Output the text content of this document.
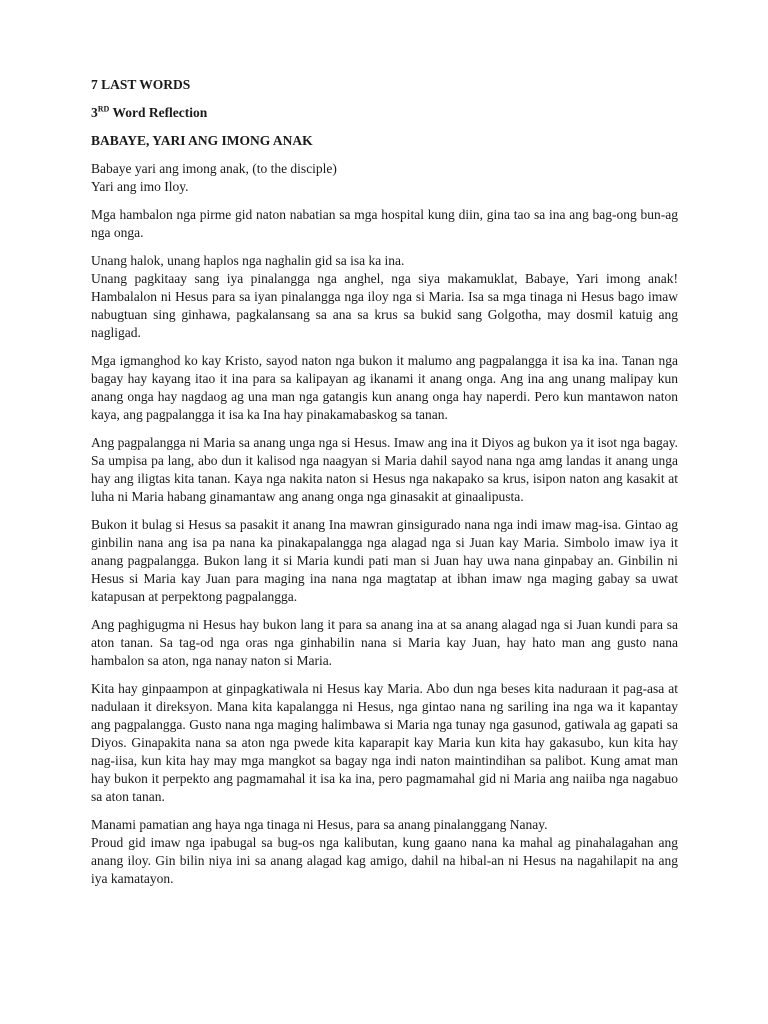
7 LAST WORDS
3RD Word Reflection
BABAYE, YARI ANG IMONG ANAK
Babaye yari ang imong anak, (to the disciple)
Yari ang imo Iloy.
Mga hambalon nga pirme gid naton nabatian sa mga hospital kung diin, gina tao sa ina ang bag-ong bun-ag nga onga.
Unang halok, unang haplos nga naghalin gid sa isa ka ina.
Unang pagkitaay sang iya pinalangga nga anghel, nga siya makamuklat, Babaye, Yari imong anak! Hambalalon ni Hesus para sa iyan pinalangga nga iloy nga si Maria. Isa sa mga tinaga ni Hesus bago imaw nabugtuan sing ginhawa, pagkalansang sa ana sa krus sa bukid sang Golgotha, may dosmil katuig ang nagligad.
Mga igmanghod ko kay Kristo, sayod naton nga bukon it malumo ang pagpalangga it isa ka ina. Tanan nga bagay hay kayang itao it ina para sa kalipayan ag ikanami it anang onga. Ang ina ang unang malipay kun anang onga hay nagdaog ag una man nga gatangis kun anang onga hay naperdi. Pero kun mantawon naton kaya, ang pagpalangga it isa ka Ina hay pinakamabaskog sa tanan.
Ang pagpalangga ni Maria sa anang unga nga si Hesus. Imaw ang ina it Diyos ag bukon ya it isot nga bagay. Sa umpisa pa lang, abo dun it kalisod nga naagyan si Maria dahil sayod nana nga amg landas it anang unga hay ang iligtas kita tanan. Kaya nga nakita naton si Hesus nga nakapako sa krus, isipon naton ang kasakit at luha ni Maria habang ginamantaw ang anang onga nga ginasakit at ginaalipusta.
Bukon it bulag si Hesus sa pasakit it anang Ina mawran ginsigurado nana nga indi imaw mag-isa. Gintao ag ginbilin nana ang isa pa nana ka pinakapalangga nga alagad nga si Juan kay Maria. Simbolo imaw iya it anang pagpalangga. Bukon lang it si Maria kundi pati man si Juan hay uwa nana ginpabay an. Ginbilin ni Hesus si Maria kay Juan para maging ina nana nga magtatap at ibhan imaw nga maging gabay sa uwat katapusan at perpektong pagpalangga.
Ang paghigugma ni Hesus hay bukon lang it para sa anang ina at sa anang alagad nga si Juan kundi para sa aton tanan. Sa tag-od nga oras nga ginhabilin nana si Maria kay Juan, hay hato man ang gusto nana hambalon sa aton, nga nanay naton si Maria.
Kita hay ginpaampon at ginpagkatiwala ni Hesus kay Maria. Abo dun nga beses kita naduraan it pag-asa at nadulaan it direksyon. Mana kita kapalangga ni Hesus, nga gintao nana ng sariling ina nga wa it kapantay ang pagpalangga. Gusto nana nga maging halimbawa si Maria nga tunay nga gasunod, gatiwala ag gapati sa Diyos. Ginapakita nana sa aton nga pwede kita kaparapit kay Maria kun kita hay gakasubo, kun kita hay nag-iisa, kun kita hay may mga mangkot sa bagay nga indi naton maintindihan sa palibot. Kung amat man hay bukon it perpekto ang pagmamahal it isa ka ina, pero pagmamahal gid ni Maria ang naiiba nga nagabuo sa aton tanan.
Manami pamatian ang haya nga tinaga ni Hesus, para sa anang pinalanggang Nanay.
Proud gid imaw nga ipabugal sa bug-os nga kalibutan, kung gaano nana ka mahal ag pinahalagahan ang anang iloy. Gin bilin niya ini sa anang alagad kag amigo, dahil na hibal-an ni Hesus na nagahilapit na ang iya kamatayon.
